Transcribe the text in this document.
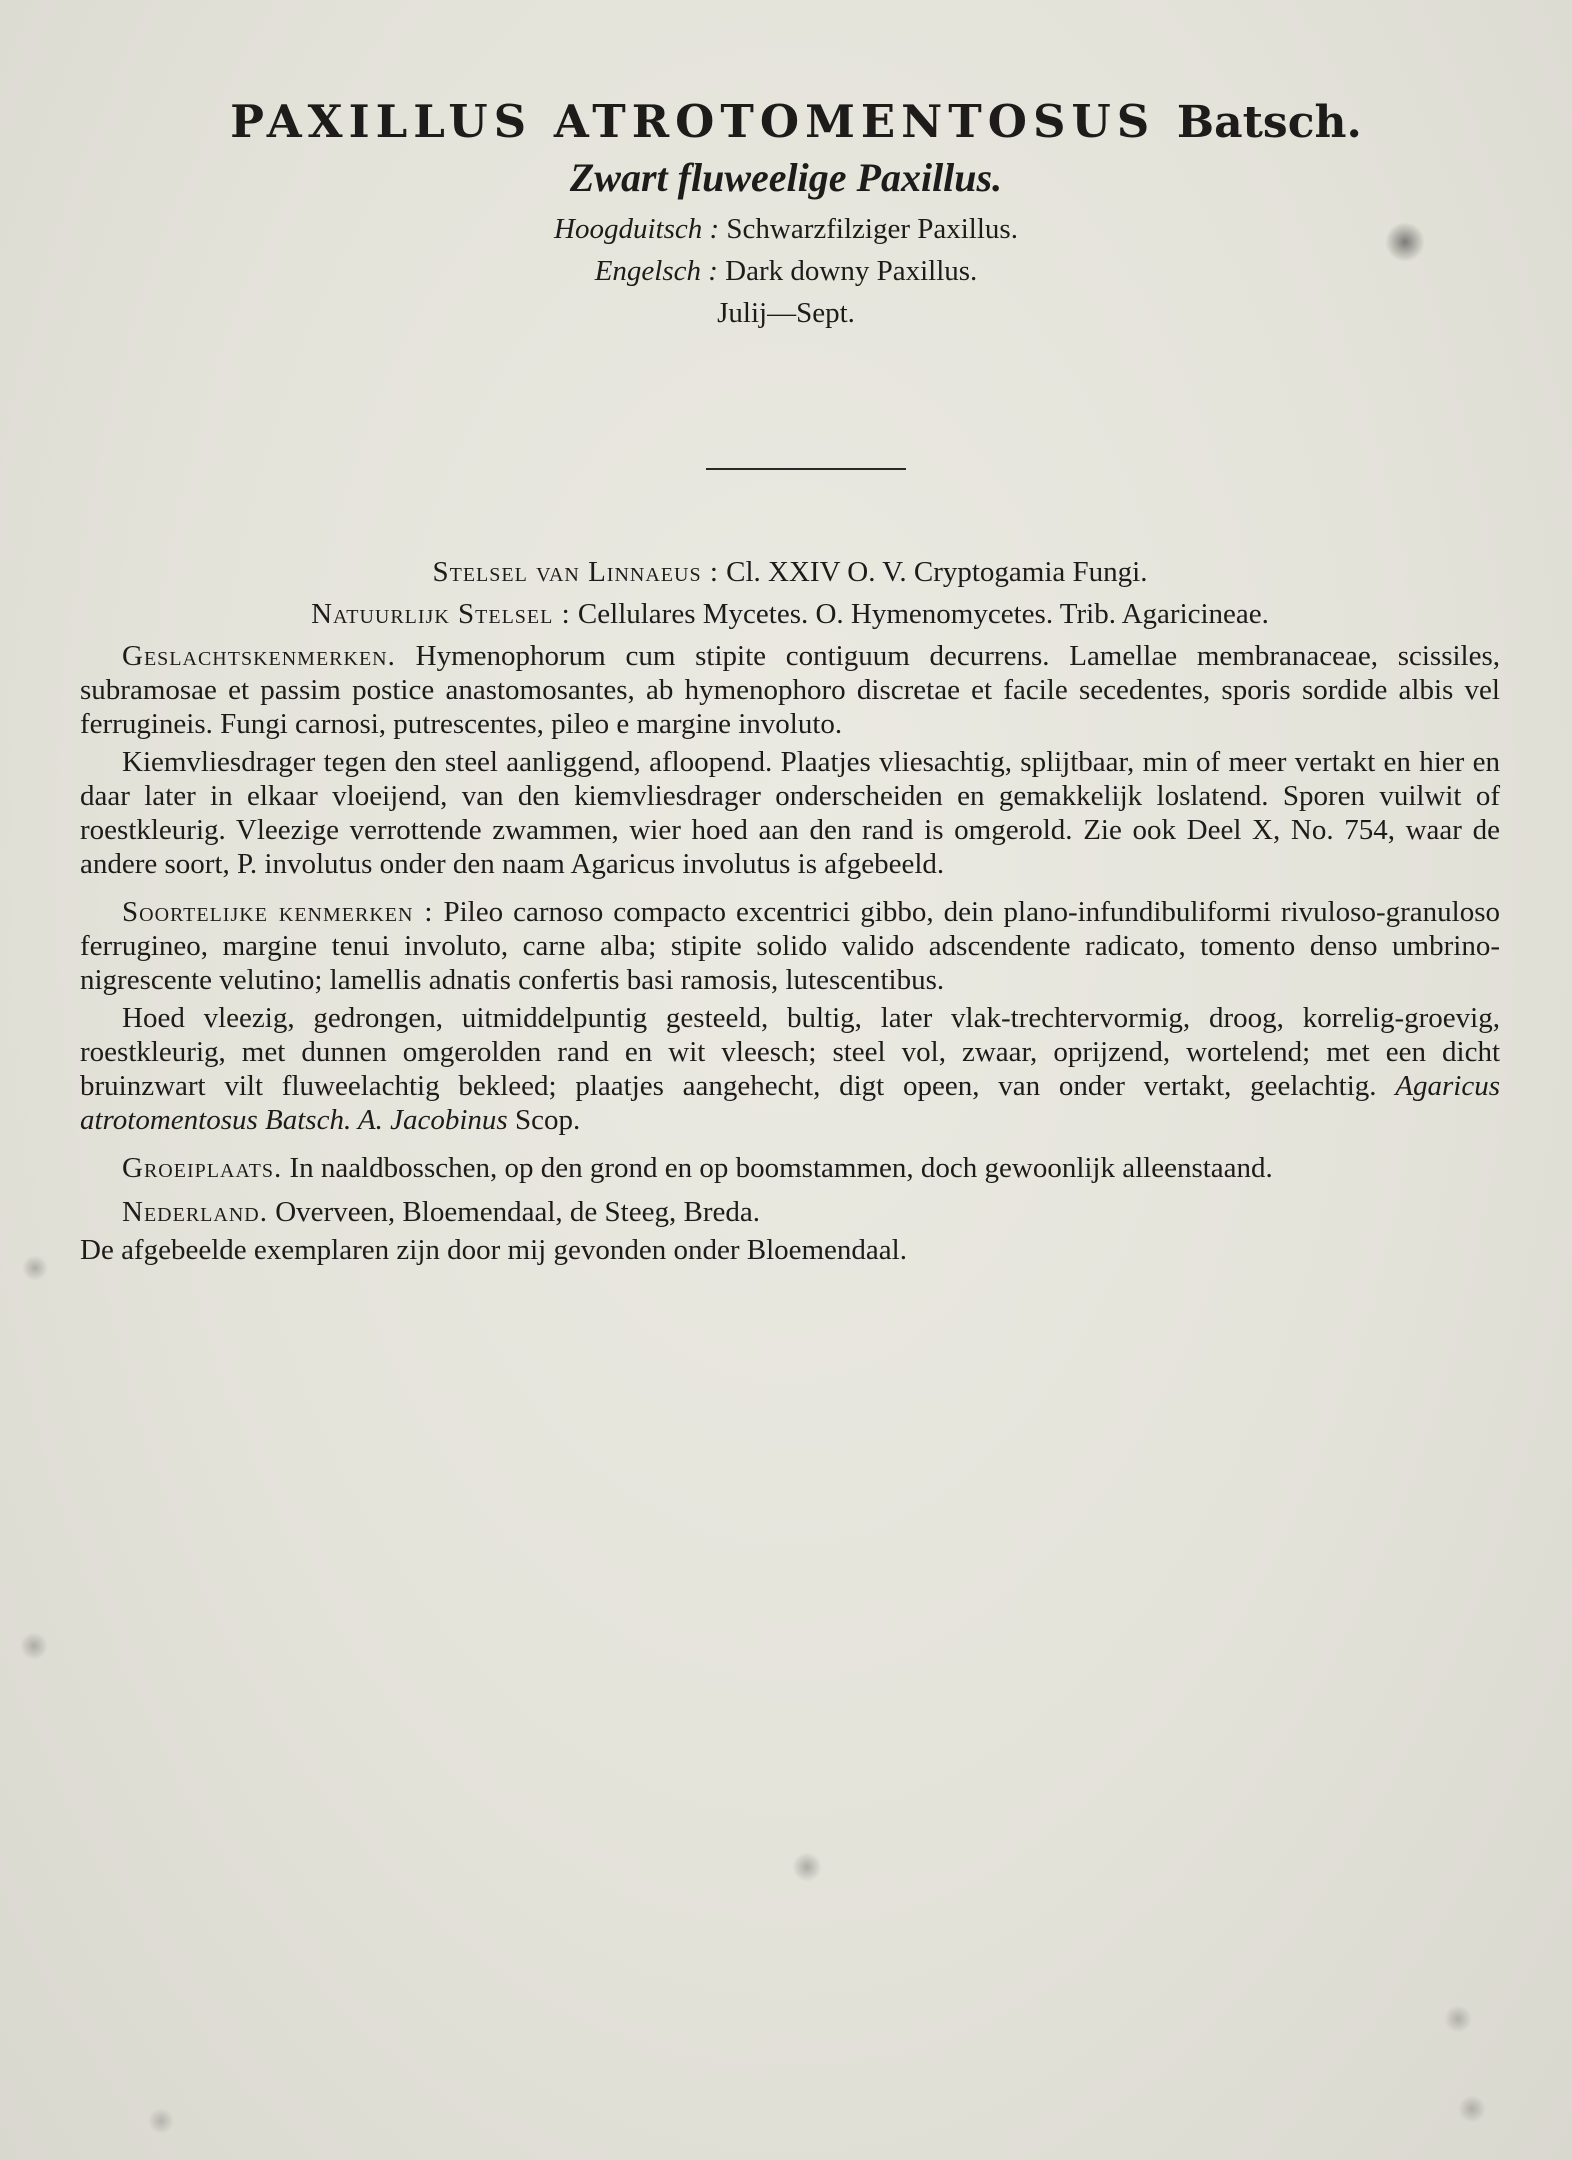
PAXILLUS ATROTOMENTOSUS Batsch.
Zwart fluweelige Paxillus.
Hoogduitsch : Schwarzfilziger Paxillus.
Engelsch : Dark downy Paxillus.
Julij—Sept.

Stelsel van Linnaeus : Cl. XXIV O. V. Cryptogamia Fungi.

Natuurlijk Stelsel : Cellulares Mycetes. O. Hymenomycetes. Trib. Agaricineae.

Geslachtskenmerken. Hymenophorum cum stipite contiguum decurrens. Lamellae membranaceae, scissiles, subramosae et passim postice anastomosantes, ab hymenophoro discretae et facile secedentes, sporis sordide albis vel ferrugineis. Fungi carnosi, putrescentes, pileo e margine involuto.

Kiemvliesdrager tegen den steel aanliggend, afloopend. Plaatjes vliesachtig, splijtbaar, min of meer vertakt en hier en daar later in elkaar vloeijend, van den kiemvliesdrager onderscheiden en gemakkelijk loslatend. Sporen vuilwit of roestkleurig. Vleezige verrottende zwammen, wier hoed aan den rand is omgerold. Zie ook Deel X, No. 754, waar de andere soort, P. involutus onder den naam Agaricus involutus is afgebeeld.

Soortelijke kenmerken : Pileo carnoso compacto excentrici gibbo, dein plano-infundibuliformi rivuloso-granuloso ferrugineo, margine tenui involuto, carne alba; stipite solido valido adscendente radicato, tomento denso umbrino-nigrescente velutino; lamellis adnatis confertis basi ramosis, lutescentibus.

Hoed vleezig, gedrongen, uitmiddelpuntig gesteeld, bultig, later vlak-trechtervormig, droog, korrelig-groevig, roestkleurig, met dunnen omgerolden rand en wit vleesch; steel vol, zwaar, oprijzend, wortelend; met een dicht bruinzwart vilt fluweelachtig bekleed; plaatjes aangehecht, digt opeen, van onder vertakt, geelachtig. Agaricus atrotomentosus Batsch. A. Jacobinus Scop.

Groeiplaats. In naaldbosschen, op den grond en op boomstammen, doch gewoonlijk alleenstaand.

Nederland. Overveen, Bloemendaal, de Steeg, Breda.

De afgebeelde exemplaren zijn door mij gevonden onder Bloemendaal.
